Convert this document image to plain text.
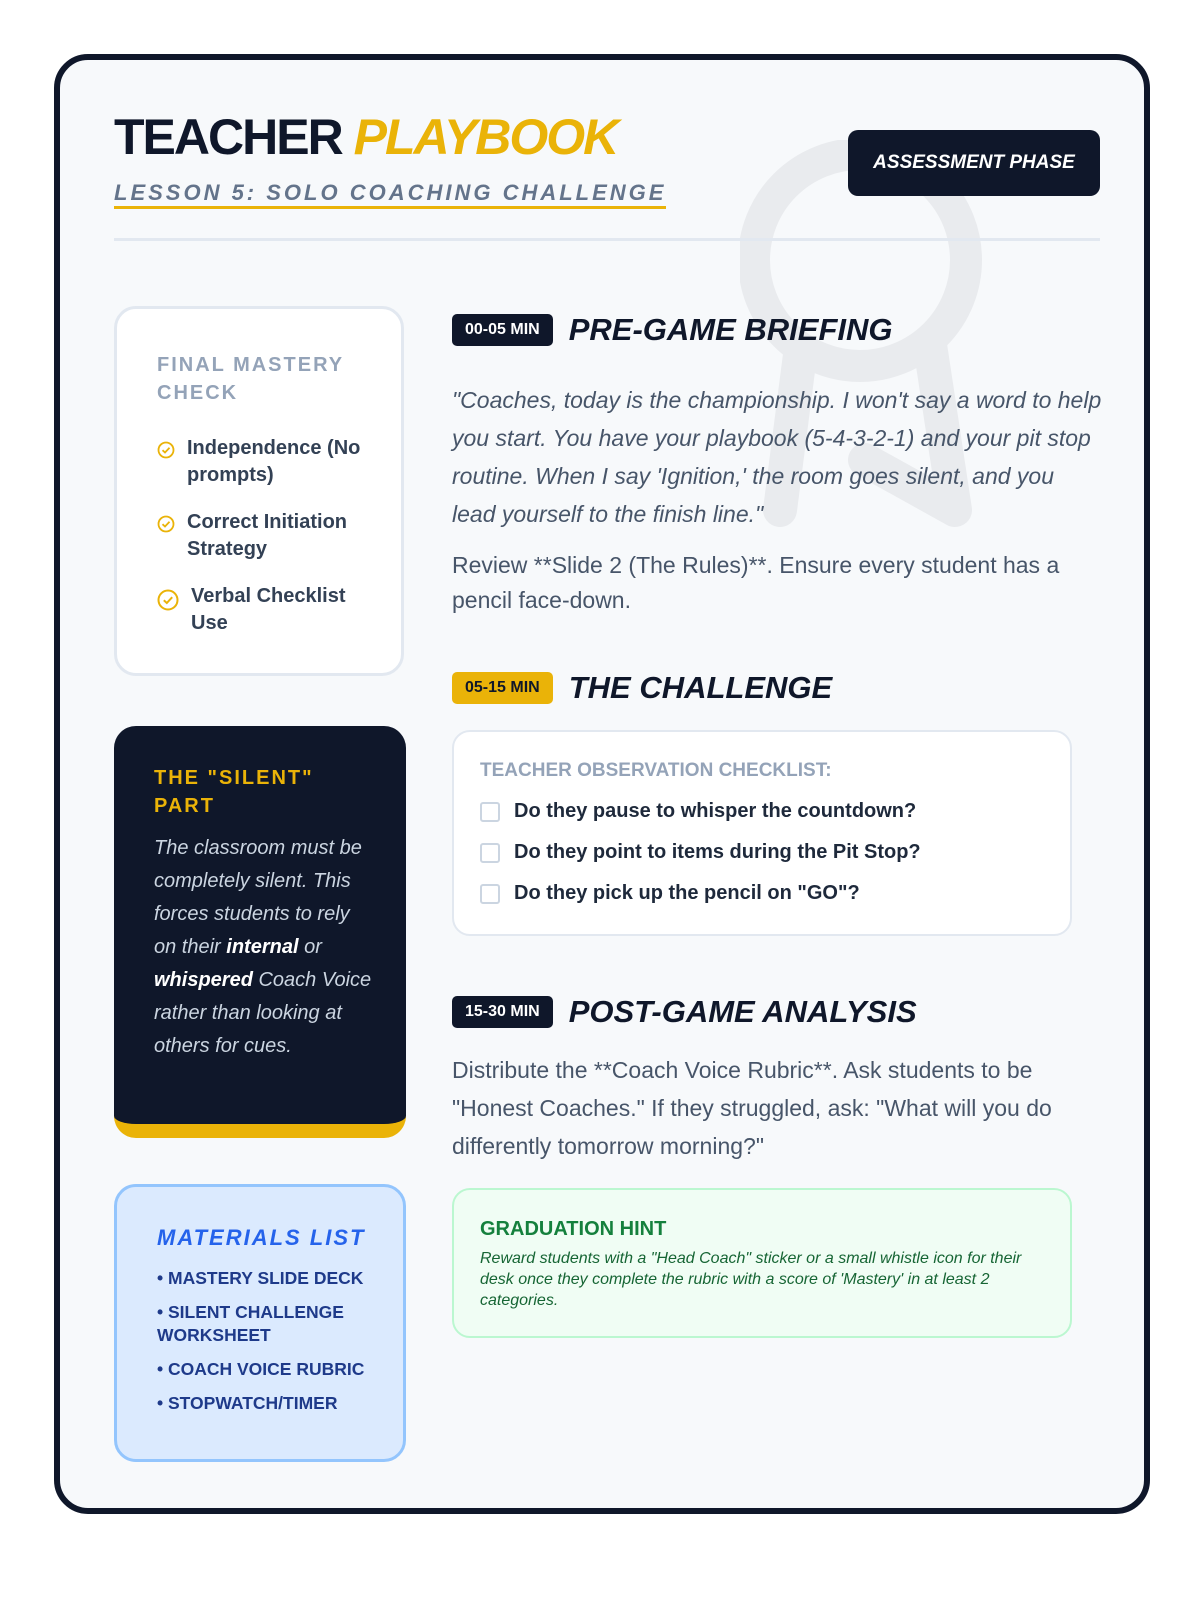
TEACHER PLAYBOOK
LESSON 5: SOLO COACHING CHALLENGE
ASSESSMENT PHASE
FINAL MASTERY CHECK
Independence (No prompts)
Correct Initiation Strategy
Verbal Checklist Use
THE "SILENT" PART
The classroom must be completely silent. This forces students to rely on their internal or whispered Coach Voice rather than looking at others for cues.
MATERIALS LIST
• MASTERY SLIDE DECK
• SILENT CHALLENGE WORKSHEET
• COACH VOICE RUBRIC
• STOPWATCH/TIMER
00-05 MIN PRE-GAME BRIEFING
"Coaches, today is the championship. I won't say a word to help you start. You have your playbook (5-4-3-2-1) and your pit stop routine. When I say 'Ignition,' the room goes silent, and you lead yourself to the finish line."
Review **Slide 2 (The Rules)**. Ensure every student has a pencil face-down.
05-15 MIN THE CHALLENGE
TEACHER OBSERVATION CHECKLIST:
Do they pause to whisper the countdown?
Do they point to items during the Pit Stop?
Do they pick up the pencil on "GO"?
15-30 MIN POST-GAME ANALYSIS
Distribute the **Coach Voice Rubric**. Ask students to be "Honest Coaches." If they struggled, ask: "What will you do differently tomorrow morning?"
GRADUATION HINT
Reward students with a "Head Coach" sticker or a small whistle icon for their desk once they complete the rubric with a score of 'Mastery' in at least 2 categories.
